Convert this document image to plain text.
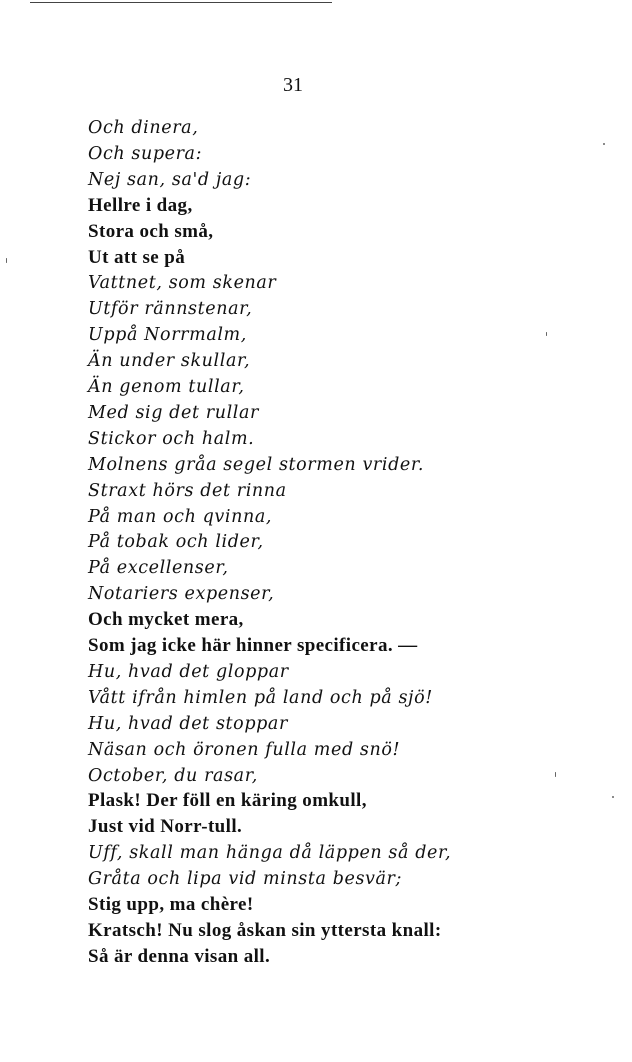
31
Och dinera,
Och supera:
Nej san, sa'd jag:
Hellre i dag,
Stora och små,
Ut att se på
Vattnet, som skenar
Utför rännstenar,
Uppå Norrmalm,
Än under skullar,
Än genom tullar,
Med sig det rullar
Stickor och halm.
Molnens gråa segel stormen vrider.
Straxt hörs det rinna
På man och qvinna,
På tobak och lider,
På excellenser,
Notariers expenser,
Och mycket mera,
Som jag icke här hinner specificera. —
Hu, hvad det gloppar
Vått ifrån himlen på land och på sjö!
Hu, hvad det stoppar
Näsan och öronen fulla med snö!
October, du rasar,
Plask! Der föll en käring omkull,
Just vid Norr-tull.
Uff, skall man hänga då läppen så der,
Gråta och lipa vid minsta besvär;
Stig upp, ma chère!
Kratsch! Nu slog åskan sin yttersta knall:
Så är denna visan all.
